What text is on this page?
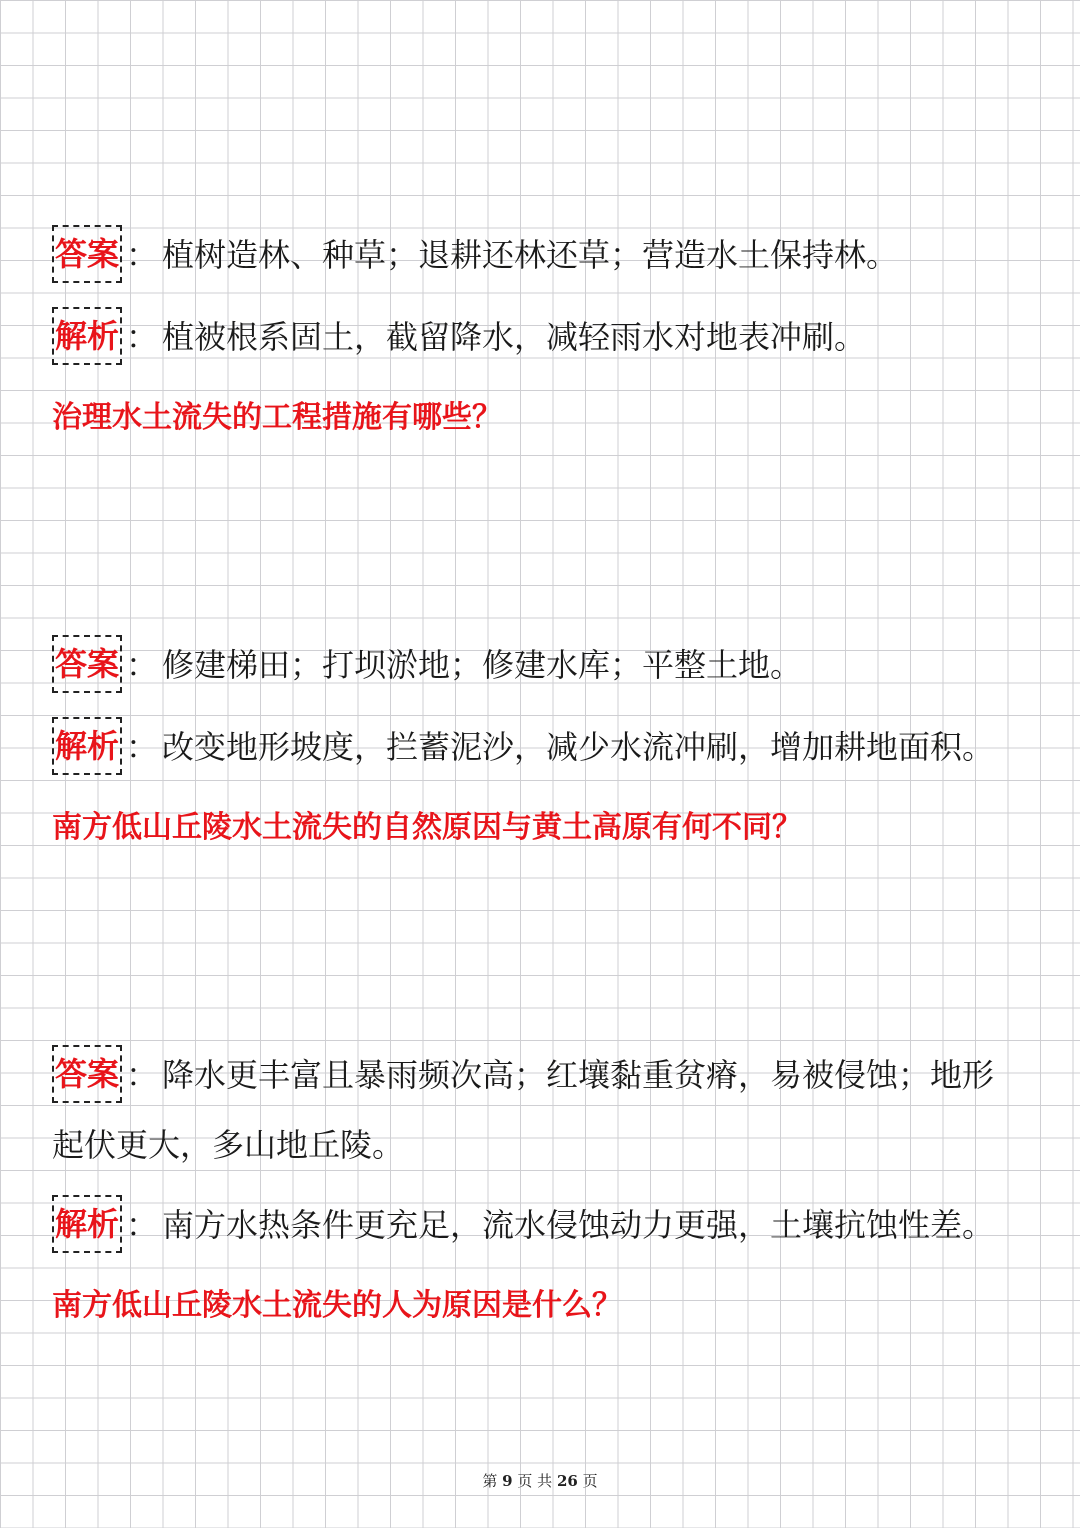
答案 ： 植树造林、种草；退耕还林还草；营造水土保持林。
解析 ： 植被根系固土，截留降水，减轻雨水对地表冲刷。
治理水土流失的工程措施有哪些？
答案 ： 修建梯田；打坝淤地；修建水库；平整土地。
解析 ： 改变地形坡度，拦蓄泥沙，减少水流冲刷，增加耕地面积。
南方低山丘陵水土流失的自然原因与黄土高原有何不同？
答案 ： 降水更丰富且暴雨频次高；红壤黏重贫瘠，易被侵蚀；地形起伏更大，多山地丘陵。
解析 ： 南方水热条件更充足，流水侵蚀动力更强，土壤抗蚀性差。
南方低山丘陵水土流失的人为原因是什么？
第 9 页 共 26 页
